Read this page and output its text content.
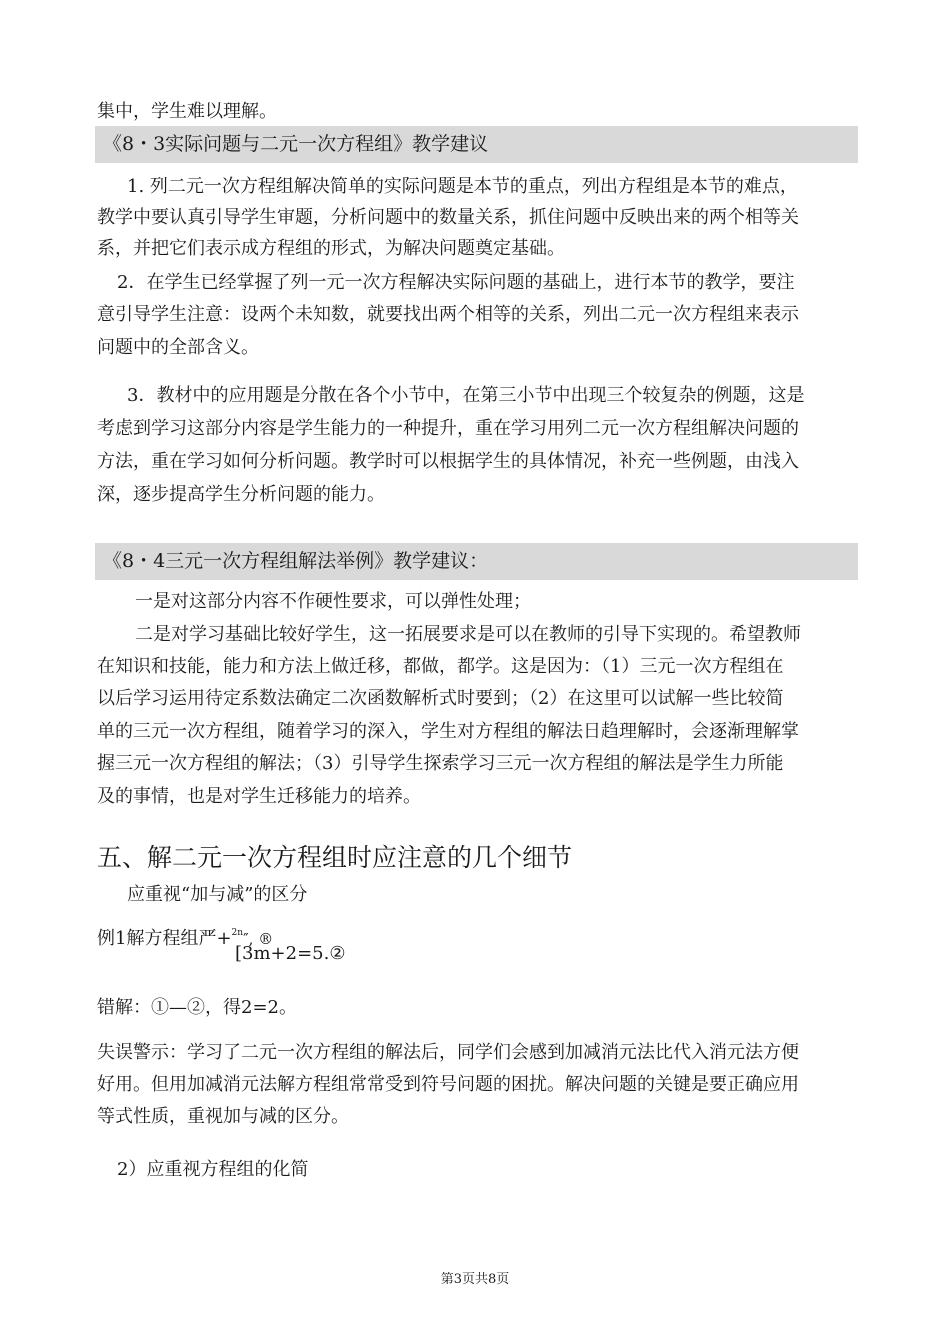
集中，学生难以理解。
《8・3实际问题与二元一次方程组》教学建议
1. 列二元一次方程组解决简单的实际问题是本节的重点，列出方程组是本节的难点，
教学中要认真引导学生审题，分析问题中的数量关系，抓住问题中反映出来的两个相等关
系，并把它们表示成方程组的形式，为解决问题奠定基础。
2．在学生已经掌握了列一元一次方程解决实际问题的基础上，进行本节的教学，要注
意引导学生注意：设两个未知数，就要找出两个相等的关系，列出二元一次方程组来表示
问题中的全部含义。
3．教材中的应用题是分散在各个小节中，在第三小节中出现三个较复杂的例题，这是
考虑到学习这部分内容是学生能力的一种提升，重在学习用列二元一次方程组解决问题的
方法，重在学习如何分析问题。教学时可以根据学生的具体情况，补充一些例题，由浅入
深，逐步提高学生分析问题的能力。
《8・4三元一次方程组解法举例》教学建议：
一是对这部分内容不作硬性要求，可以弹性处理；
二是对学习基础比较好学生，这一拓展要求是可以在教师的引导下实现的。希望教师
在知识和技能，能力和方法上做迁移，都做，都学。这是因为：（1）三元一次方程组在
以后学习运用待定系数法确定二次函数解析式时要到；（2）在这里可以试解一些比较简
单的三元一次方程组，随着学习的深入，学生对方程组的解法日趋理解时，会逐渐理解掌
握三元一次方程组的解法；（3）引导学生探索学习三元一次方程组的解法是学生力所能
及的事情，也是对学生迁移能力的培养。
五、解二元一次方程组时应注意的几个细节
应重视“加与减”的区分
例1解方程组严+$^{2n}$″, ®
[3m+2=5.②
错解：①—②，得2=2。
失误警示：学习了二元一次方程组的解法后，同学们会感到加减消元法比代入消元法方便
好用。但用加减消元法解方程组常常受到符号问题的困扰。解决问题的关键是要正确应用
等式性质，重视加与减的区分。
2）应重视方程组的化简
第3页共8页
